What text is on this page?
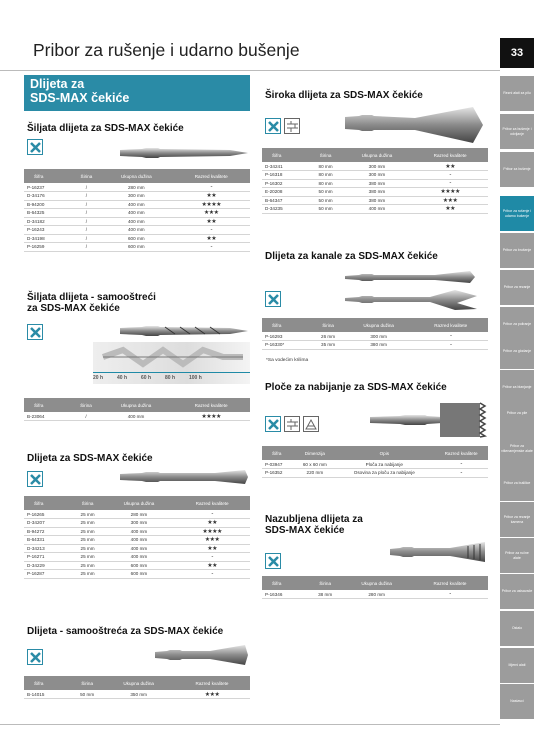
Pribor za rušenje i udarno bušenje	33
Rezni alati za pilu
Pribor za bušenje i odvijanje
Pribor za bušenje
Pribor za rušenje i udarno bušenje
Pribor za brušenje
Pribor za rezanje
Pribor za poliranje
Pribor za glodanje
Pribor za blanjanje
Pribor za pile
Pribor za višenamjenske alate
Pribor za bušilice
Pribor za rezanje kamena
Pribor za ručne alate
Pribor za usisavače
Ostalo
Mjerni alati
Nastavci
Dlijeta za
SDS-MAX čekiće
Šiljata dlijeta za SDS-MAX čekiće
Šifra	Širina	Ukupna dužina	Razred kvalitete
P-16237	/	280 mm	-
D-34176	/	300 mm	★★
B-94200	/	400 mm	★★★★
B-64325	/	400 mm	★★★
D-34182	/	400 mm	★★
P-16243	/	400 mm	-
D-34198	/	600 mm	★★
P-16259	/	600 mm	-
Šiljata dlijeta - samooštreći
za SDS-MAX čekiće
20 h	40 h	60 h	80 h	100 h
Šifra	Širina	Ukupna dužina	Razred kvalitete
B-23064	/	400 mm	★★★★
Dlijeta za SDS-MAX čekiće
Šifra	Širina	Ukupna dužina	Razred kvalitete
P-16265	25 mm	280 mm	-
D-34207	25 mm	300 mm	★★
B-94272	25 mm	400 mm	★★★★
B-64331	25 mm	400 mm	★★★
D-34213	25 mm	400 mm	★★
P-16271	25 mm	400 mm	-
D-34229	25 mm	600 mm	★★
P-16287	25 mm	600 mm	-
Dlijeta - samooštreća za SDS-MAX čekiće
Šifra	Širina	Ukupna dužina	Razred kvalitete
B-14015	50 mm	350 mm	★★★
Široka dlijeta za SDS-MAX čekiće
Šifra	Širina	Ukupna dužina	Razred kvalitete
D-34241	80 mm	300 mm	★★
P-16318	80 mm	300 mm	-
P-16302	80 mm	380 mm	-
E-20208	50 mm	380 mm	★★★★
B-64347	50 mm	380 mm	★★★
D-34235	50 mm	400 mm	★★
Dlijeta za kanale za SDS-MAX čekiće
Šifra	Širina	Ukupna dužina	Razred kvalitete
P-16293	26 mm	300 mm	-
P-16330*	35 mm	380 mm	-
*Sa vodećim krilima
Ploče za nabijanje za SDS-MAX čekiće
Šifra	Dimenzija	Opis	Razred kvalitete
P-03947	60 x 60 mm	Ploča za nabijanje	-
P-16352	220 mm	Osovina za ploču za nabijanje	-
Nazubljena dlijeta za
SDS-MAX čekiće
Šifra	Širina	Ukupna dužina	Razred kvalitete
P-16346	38 mm	280 mm	-
